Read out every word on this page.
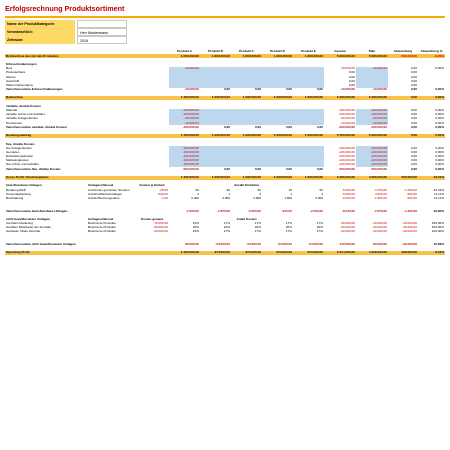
Erfolgsrechnung Produktsortiment
Name der Produktkategorie:
Verantwortlich:	Herr Mustermann
Zeitraum:	2016
			Produkt A	Produkt B	Produkt C	Produkt D	Produkt E	Gesamt	Plan	Abweichung	Abweichung %
Bruttoerlöse des mit den Produkten			1.000.000,00	1.000.000,00	1.000.000,00	1.000.000,00	1.000.000,00	5.000.000,00	5.500.000,00	-500.000,00	-9,09%

Erlösschmälerungen											
Boni			-10.000,00					-10.000,00	-10.000,00	0,00	0,00%
Preisnachlass								0,00		0,00	
Skonto								0,00		0,00	
Gutschrift								0,00		0,00	
Warenrücksendung								0,00		0,00	
Zwischensumme Erlösschmälerungen			-10.000,00	0,00	0,00	0,00	0,00	-10.000,00	-10.000,00	0,00	0,00%

Nettoerlöse			1.490.000,00	1.000.000,00	1.000.000,00	1.000.000,00	1.000.000,00	5.490.000,00	5.490.000,00	0,00	0,00%

variable, direkte Kosten											
Material			-100.000,00					-100.000,00	-100.000,00	0,00	0,00%
variable Löhne und Gehälter			-100.000,00					-100.000,00	-100.000,00	0,00	0,00%
variable Anlagenkosten			-20.000,00					-20.000,00	-20.000,00	0,00	0,00%
Provisionen			-10.000,00					-10.000,00	-10.000,00	0,00	0,00%
Zwischensumme variable, direkte Kosten			-230.000,00	0,00	0,00	0,00	0,00	-230.000,00	-230.000,00	0,00	0,00%

Deckungsbeitrag			1.760.000,00	1.000.000,00	1.000.000,00	1.000.000,00	1.000.000,00	5.760.000,00	5.260.000,00	0,00	0,00%

fixe, direkte Kosten											
fixe Anlagenkosten			-100.000,00					-100.000,00	-100.000,00	0,00	0,00%
Gemieten			-100.000,00					-100.000,00	-100.000,00	0,00	0,00%
Entwicklungskosten			-100.000,00					-100.000,00	-100.000,00	0,00	0,00%
Marketingkosten			-100.000,00					-100.000,00	-100.000,00	0,00	0,00%
fixe Löhne und Gehälter			-100.000,00					-100.000,00	-100.000,00	0,00	0,00%
Zwischensumme fixe, direkte Kosten			-500.000,00	0,00	0,00	0,00	0,00	-500.000,00	-500.000,00	0,00	0,00%

Gross Profit / Bruttoergebnis			1.495.000,00	1.000.000,00	1.000.000,00	1.000.000,00	1.000.000,00	5.495.000,00	4.995.000,00	500.000,00	10,01%

basisflussbare Umlagen	Umlageschlüssel	Kosten je Einheit	Anzahl Einheiten								
Beratung ERP	Anzahl der genutzten Stunden	-25,00	50	30	60	15	50	-5.000,00	-3.750,00	-1.250,00	33,33%
Personalabteilung	Anzahl Mitarbeitertätigen	-500,00	2	1	3	1	3	-5.000,00	-4.500,00	-500,00	11,11%
Buchhaltung	Anzahl Buchungssätze	-1,00	2.000	3.000	2.500	1.500	3.000	-2.000,00	-1.800,00	-200,00	11,11%

Zwischensumme basisflussbare Umlagen			-7.000,00	-1.875,00	-5.000,00	-915,00	-2.500,00	-8.540,00	-7.070,00	-1.200,00	16,95%

nicht beeinflussbare Umlagen	Umlageschlüssel	Kosten gesamt	Anteil Kosten								
zentrales Marketing	Bestimmte Produkte	-75.000,00	15%	17%	17%	17%	17%	-50.000,00	-20.000,00	-30.000,00	150,00%
Gehälter Mitarbeiter der Zentrale	Bestimmte Produkte	-80.000,00	20%	20%	20%	20%	20%	-60.000,00	-20.000,00	-40.000,00	200,00%
Gebäude, Miete Zentrale	Bestimmte Produkte	-40.000,00	15%	17%	17%	17%	17%	-40.000,00	-20.000,00	-20.000,00	100,00%

Zwischensumme nicht beeinflussbare Umlagen			-35.000,00	-34.500,00	-34.500,00	-34.500,00	-34.500,00	-172.000,00	-60.000,00	-90.000,00	15,99%

Operating Profit			1.453.000,00	974.625,00	973.000,00	973.000,00	973.000,00	5.314.460,00	4.928.930,00	408.000,00	8,23%
